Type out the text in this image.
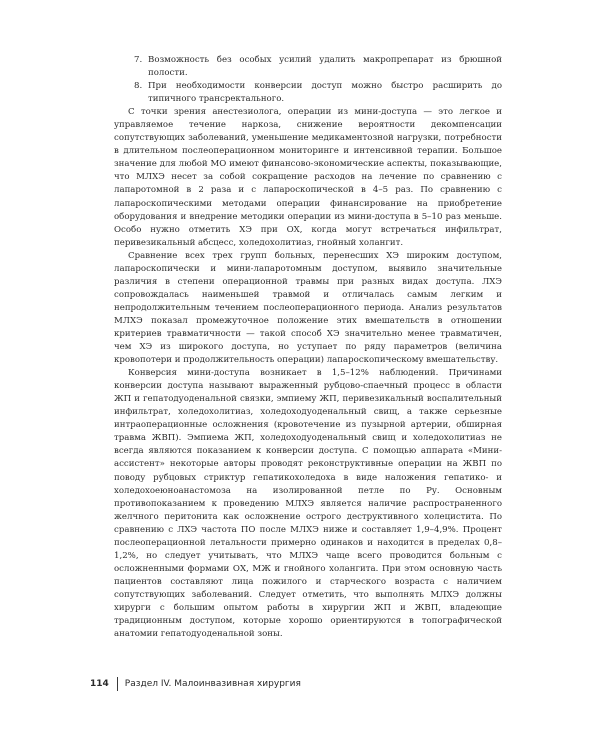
7. Возможность без особых усилий удалить макропрепарат из брюшной полости.
8. При необходимости конверсии доступ можно быстро расширить до типичного трансректального.

С точки зрения анестезиолога, операции из мини-доступа — это легкое и управляемое течение наркоза, снижение вероятности декомпенсации сопутствующих заболеваний, уменьшение медикаментозной нагрузки, потребности в длительном послеоперационном мониторинге и интенсивной терапии. Большое значение для любой МО имеют финансово-экономические аспекты, показывающие, что МЛХЭ несет за собой сокращение расходов на лечение по сравнению с лапаротомной в 2 раза и с лапароскопической в 4–5 раз. По сравнению с лапароскопическими методами операции финансирование на приобретение оборудования и внедрение методики операции из мини-доступа в 5–10 раз меньше. Особо нужно отметить ХЭ при ОХ, когда могут встречаться инфильтрат, перивезикальный абсцесс, холедохолитиаз, гнойный холангит.

Сравнение всех трех групп больных, перенесших ХЭ широким доступом, лапароскопически и мини-лапаротомным доступом, выявило значительные различия в степени операционной травмы при разных видах доступа. ЛХЭ сопровождалась наименьшей травмой и отличалась самым легким и непродолжительным течением послеоперационного периода. Анализ результатов МЛХЭ показал промежуточное положение этих вмешательств в отношении критериев травматичности — такой способ ХЭ значительно менее травматичен, чем ХЭ из широкого доступа, но уступает по ряду параметров (величина кровопотери и продолжительность операции) лапароскопическому вмешательству.

Конверсия мини-доступа возникает в 1,5–12% наблюдений. Причинами конверсии доступа называют выраженный рубцово-спаечный процесс в области ЖП и гепатодуоденальной связки, эмпиему ЖП, перивезикальный воспалительный инфильтрат, холедохолитиаз, холедоходуоденальный свищ, а также серьезные интраоперационные осложнения (кровотечение из пузырной артерии, обширная травма ЖВП). Эмпиема ЖП, холедоходуоденальный свищ и холедохолитиаз не всегда являются показанием к конверсии доступа. С помощью аппарата «Мини-ассистент» некоторые авторы проводят реконструктивные операции на ЖВП по поводу рубцовых стриктур гепатикохоледоха в виде наложения гепатико- и холедохоеюноанастомоза на изолированной петле по Ру. Основным противопоказанием к проведению МЛХЭ является наличие распространенного желчного перитонита как осложнение острого деструктивного холецистита. По сравнению с ЛХЭ частота ПО после МЛХЭ ниже и составляет 1,9–4,9%. Процент послеоперационной летальности примерно одинаков и находится в пределах 0,8–1,2%, но следует учитывать, что МЛХЭ чаще всего проводится больным с осложненными формами ОХ, МЖ и гнойного холангита. При этом основную часть пациентов составляют лица пожилого и старческого возраста с наличием сопутствующих заболеваний. Следует отметить, что выполнять МЛХЭ должны хирурги с большим опытом работы в хирургии ЖП и ЖВП, владеющие традиционным доступом, которые хорошо ориентируются в топографической анатомии гепатодуоденальной зоны.

114 Раздел IV. Малоинвазивная хирургия
